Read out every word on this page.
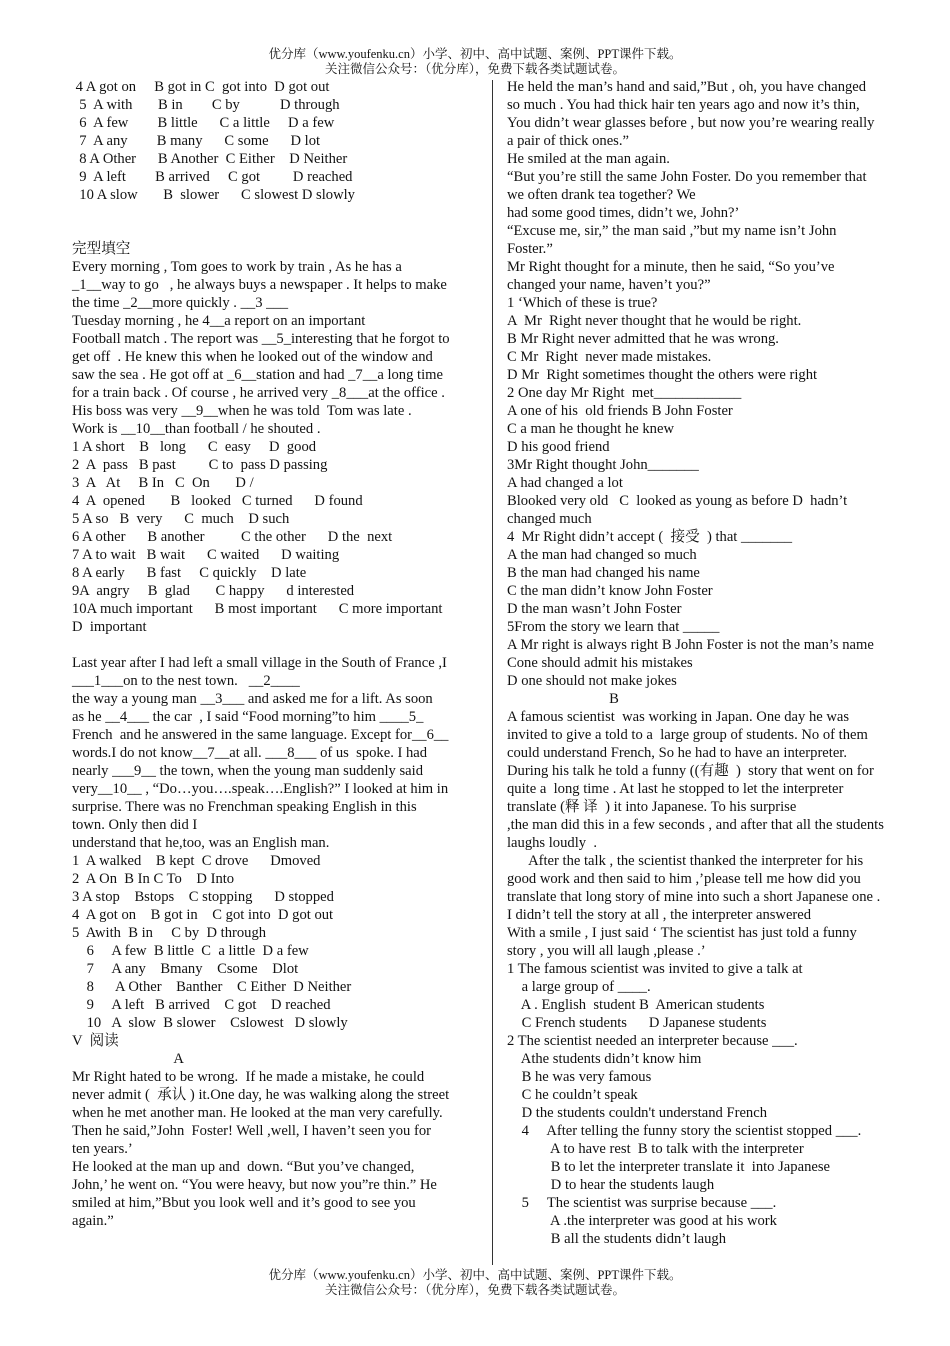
优分库（www.youfenku.cn）小学、初中、高中试题、案例、PPT课件下载。
关注微信公众号：（优分库），免费下载各类试题试卷。
4 A got on     B got in C  got into  D got out
5  A with       B in        C by           D through
6  A few        B little      C a little     D a few
7  A any        B many      C some      D lot
8 A Other      B Another  C Either    D Neither
9  A left        B arrived     C got         D reached
10 A slow       B  slower      C slowest D slowly
完型填空
Every morning , Tom goes to work by train , As he has a
_1__way to go   , he always buys a newspaper . It helps to make
the time _2__more quickly . __3 ___
Tuesday morning , he 4__a report on an important
Football match . The report was __5_interesting that he forgot to
get off  . He knew this when he looked out of the window and
saw the sea . He got off at _6__station and had _7__a long time
for a train back . Of course , he arrived very _8___at the office .
His boss was very __9__when he was told  Tom was late .
Work is __10__than football / he shouted .
1 A short    B   long      C  easy     D  good
2  A  pass   B past         C to  pass D passing
3  A   At     B In   C  On       D /
4  A  opened       B   looked   C turned      D found
5 A so   B  very      C  much    D such
6 A other      B another          C the other      D the  next
7 A to wait   B wait      C waited      D waiting
8 A early      B fast     C quickly    D late
9A  angry     B  glad       C happy      d interested
10A much important      B most important      C more important
D  important
Last year after I had left a small village in the South of France ,I
___1___on to the nest town.   __2____
the way a young man __3___ and asked me for a lift. As soon
as he __4___ the car  , I said “Food morning”to him ____5_
French  and he answered in the same language. Except for__6__
words.I do not know__7__at all. ___8___ of us  spoke. I had
nearly ___9__ the town, when the young man suddenly said
very__10__ , “Do…you….speak….English?” I looked at him in
surprise. There was no Frenchman speaking English in this
town. Only then did I
understand that he,too, was an English man.
1  A walked    B kept  C drove      Dmoved
2  A On  B In C To    D Into
3 A stop    Bstops    C stopping      D stopped
4  A got on    B got in    C got into  D got out
5  Awith  B in     C by  D through
6     A few  B little  C  a little  D a few
7     A any    Bmany    Csome    Dlot
8      A Other    Banther    C Either  D Neither
9     A left   B arrived    C got    D reached
10   A  slow  B slower    Cslowest   D slowly
V  阅读
A
Mr Right hated to be wrong.  If he made a mistake, he could
never admit (  承认 ) it.One day, he was walking along the street
when he met another man. He looked at the man very carefully.
Then he said,”John  Foster! Well ,well, I haven’t seen you for
ten years.’
He looked at the man up and  down. “But you’ve changed,
John,’ he went on. “You were heavy, but now you”re thin.” He
smiled at him,”Bbut you look well and it’s good to see you
again.”
He held the man’s hand and said,”But , oh, you have changed
so much . You had thick hair ten years ago and now it’s thin,
You didn’t wear glasses before , but now you’re wearing really
a pair of thick ones.”
He smiled at the man again.
“But you’re still the same John Foster. Do you remember that
we often drank tea together? We
had some good times, didn’t we, John?’
“Excuse me, sir,” the man said ,”but my name isn’t John
Foster.”
Mr Right thought for a minute, then he said, “So you’ve
changed your name, haven’t you?”
1 ‘Which of these is true?
A  Mr  Right never thought that he would be right.
B Mr Right never admitted that he was wrong.
C Mr  Right  never made mistakes.
D Mr  Right sometimes thought the others were right
2 One day Mr Right  met____________
A one of his  old friends B John Foster
C a man he thought he knew
D his good friend
3Mr Right thought John_______
A had changed a lot
Blooked very old   C  looked as young as before D  hadn’t
changed much
4  Mr Right didn’t accept (  接受  ) that _______
A the man had changed so much
B the man had changed his name
C the man didn’t know John Foster
D the man wasn’t John Foster
5From the story we learn that _____
A Mr right is always right B John Foster is not the man’s name
Cone should admit his mistakes
D one should not make jokes
B
A famous scientist  was working in Japan. One day he was
invited to give a told to a  large group of students. No of them
could understand French, So he had to have an interpreter.
During his talk he told a funny ((有趣  )  story that went on for
quite a  long time . At last he stopped to let the interpreter
translate (释 译  ) it into Japanese. To his surprise
,the man did this in a few seconds , and after that all the students
laughs loudly  .
After the talk , the scientist thanked the interpreter for his
good work and then said to him ,’please tell me how did you
translate that long story of mine into such a short Japanese one .
I didn’t tell the story at all , the interpreter answered
With a smile , I just said ‘ The scientist has just told a funny
story , you will all laugh ,please .’
1 The famous scientist was invited to give a talk at
a large group of ____.
A . English  student B  American students
C French students      D Japanese students
2 The scientist needed an interpreter because ___.
Athe students didn’t know him
B he was very famous
C he couldn’t speak
D the students couldn't understand French
4     After telling the funny story the scientist stopped ___.
A to have rest  B to talk with the interpreter
B to let the interpreter translate it  into Japanese
D to hear the students laugh
5     The scientist was surprise because ___.
A .the interpreter was good at his work
B all the students didn’t laugh
优分库（www.youfenku.cn）小学、初中、高中试题、案例、PPT课件下载。
关注微信公众号：（优分库），免费下载各类试题试卷。
